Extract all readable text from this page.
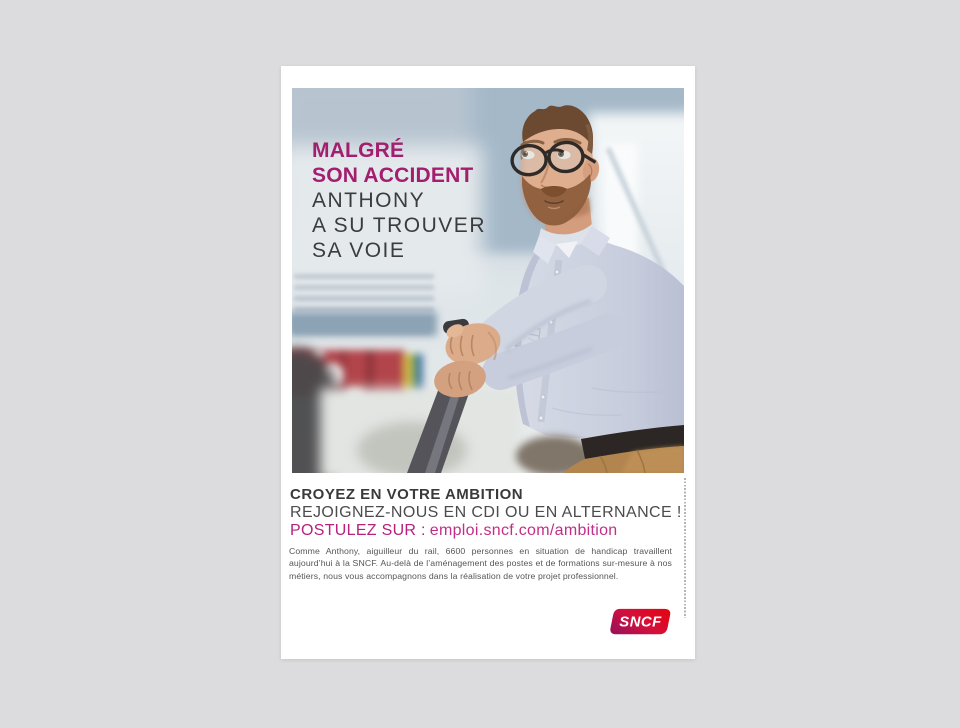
MALGRÉ
SON ACCIDENT
ANTHONY
A SU TROUVER
SA VOIE
CROYEZ EN VOTRE AMBITION
REJOIGNEZ-NOUS EN CDI OU EN ALTERNANCE !
POSTULEZ SUR : emploi.sncf.com/ambition

Comme Anthony, aiguilleur du rail, 6600 personnes en situation de handicap travaillent aujourd’hui à la SNCF. Au-delà de l’aménagement des postes et de formations sur-mesure à nos métiers, nous vous accompagnons dans la réalisation de votre projet professionnel.

SNCF
